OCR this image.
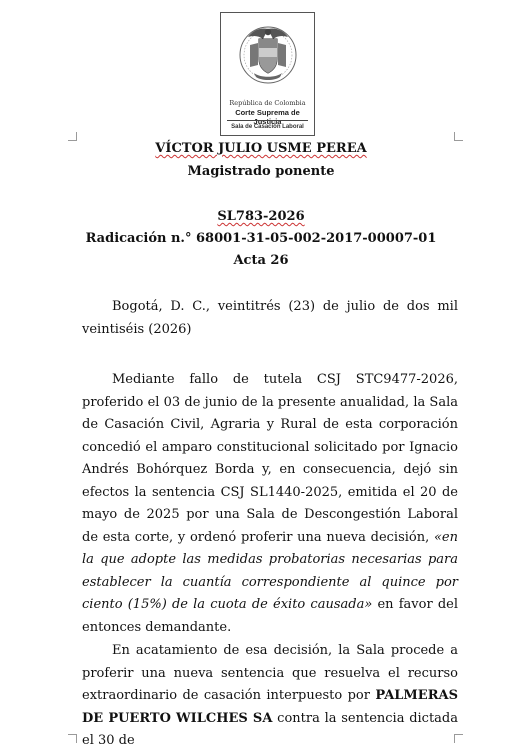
República de Colombia
Corte Suprema de Justicia
Sala de Casación Laboral
VÍCTOR JULIO USME PEREA
Magistrado ponente
SL783-2026
Radicación n.° 68001-31-05-002-2017-00007-01
Acta 26

Bogotá, D. C., veintitrés (23) de julio de dos mil veintiséis (2026)

Mediante fallo de tutela CSJ STC9477-2026, proferido el 03 de junio de la presente anualidad, la Sala de Casación Civil, Agraria y Rural de esta corporación concedió el amparo constitucional solicitado por Ignacio Andrés Bohórquez Borda y, en consecuencia, dejó sin efectos la sentencia CSJ SL1440-2025, emitida el 20 de mayo de 2025 por una Sala de Descongestión Laboral de esta corte, y ordenó proferir una nueva decisión, «en la que adopte las medidas probatorias necesarias para establecer la cuantía correspondiente al quince por ciento (15%) de la cuota de éxito causada» en favor del entonces demandante.

En acatamiento de esa decisión, la Sala procede a proferir una nueva sentencia que resuelva el recurso extraordinario de casación interpuesto por PALMERAS DE PUERTO WILCHES SA contra la sentencia dictada el 30 de
